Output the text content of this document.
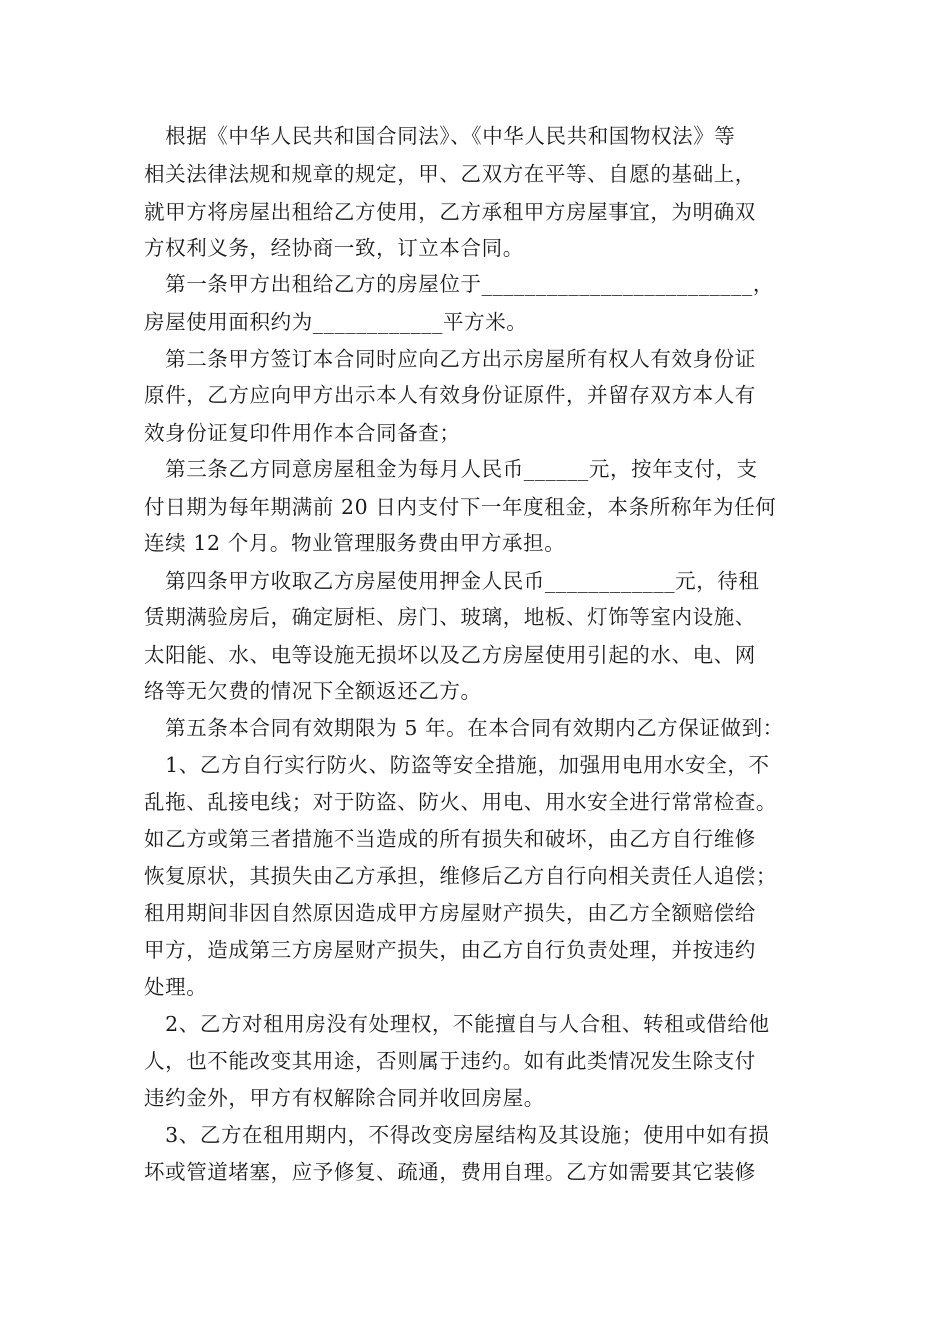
　根据《中华人民共和国合同法》、《中华人民共和国物权法》等

相关法律法规和规章的规定，甲、乙双方在平等、自愿的基础上，

就甲方将房屋出租给乙方使用，乙方承租甲方房屋事宜，为明确双

方权利义务，经协商一致，订立本合同。

　第一条甲方出租给乙方的房屋位于_________________________，

房屋使用面积约为____________平方米。

　第二条甲方签订本合同时应向乙方出示房屋所有权人有效身份证

原件，乙方应向甲方出示本人有效身份证原件，并留存双方本人有

效身份证复印件用作本合同备查；

　第三条乙方同意房屋租金为每月人民币______元，按年支付，支

付日期为每年期满前 20 日内支付下一年度租金，本条所称年为任何

连续 12 个月。物业管理服务费由甲方承担。

　第四条甲方收取乙方房屋使用押金人民币____________元，待租

赁期满验房后，确定厨柜、房门、玻璃，地板、灯饰等室内设施、

太阳能、水、电等设施无损坏以及乙方房屋使用引起的水、电、网

络等无欠费的情况下全额返还乙方。

　第五条本合同有效期限为 5 年。在本合同有效期内乙方保证做到：

　1、乙方自行实行防火、防盗等安全措施，加强用电用水安全，不

乱拖、乱接电线；对于防盗、防火、用电、用水安全进行常常检查。

如乙方或第三者措施不当造成的所有损失和破坏，由乙方自行维修

恢复原状，其损失由乙方承担，维修后乙方自行向相关责任人追偿；

租用期间非因自然原因造成甲方房屋财产损失，由乙方全额赔偿给

甲方，造成第三方房屋财产损失，由乙方自行负责处理，并按违约

处理。

　2、乙方对租用房没有处理权，不能擅自与人合租、转租或借给他

人，也不能改变其用途，否则属于违约。如有此类情况发生除支付

违约金外，甲方有权解除合同并收回房屋。

　3、乙方在租用期内，不得改变房屋结构及其设施；使用中如有损

坏或管道堵塞，应予修复、疏通，费用自理。乙方如需要其它装修
